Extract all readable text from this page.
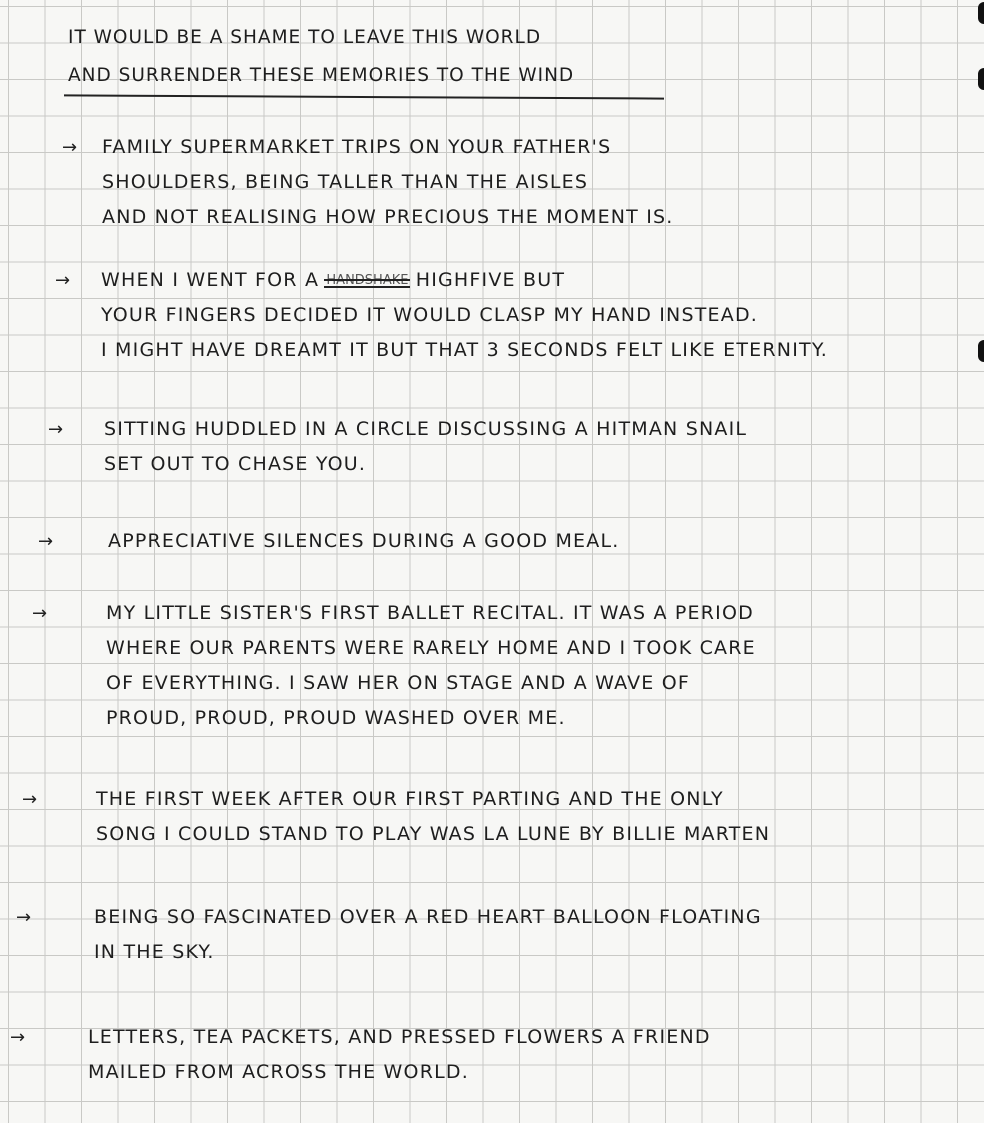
IT WOULD BE A SHAME TO LEAVE THIS WORLD
AND SURRENDER THESE MEMORIES TO THE WIND
→ FAMILY SUPERMARKET TRIPS ON YOUR FATHER'S
SHOULDERS, BEING TALLER THAN THE AISLES
AND NOT REALISING HOW PRECIOUS THE MOMENT IS.
→ WHEN I WENT FOR A HANDSHAKE HIGHFIVE BUT
YOUR FINGERS DECIDED IT WOULD CLASP MY HAND INSTEAD.
I MIGHT HAVE DREAMT IT BUT THAT 3 SECONDS FELT LIKE ETERNITY.
→ SITTING HUDDLED IN A CIRCLE DISCUSSING A HITMAN SNAIL
SET OUT TO CHASE YOU.
→	APPRECIATIVE SILENCES DURING A GOOD MEAL.
→	MY LITTLE SISTER'S FIRST BALLET RECITAL. IT WAS A PERIOD
WHERE OUR PARENTS WERE RARELY HOME AND I TOOK CARE
OF EVERYTHING. I SAW HER ON STAGE AND A WAVE OF
PROUD, PROUD, PROUD WASHED OVER ME.
→	THE FIRST WEEK AFTER OUR FIRST PARTING AND THE ONLY
SONG I COULD STAND TO PLAY WAS LA LUNE BY BILLIE MARTEN
→	BEING SO FASCINATED OVER A RED HEART BALLOON FLOATING
IN THE SKY.
→	LETTERS, TEA PACKETS, AND PRESSED FLOWERS A FRIEND
MAILED FROM ACROSS THE WORLD.
